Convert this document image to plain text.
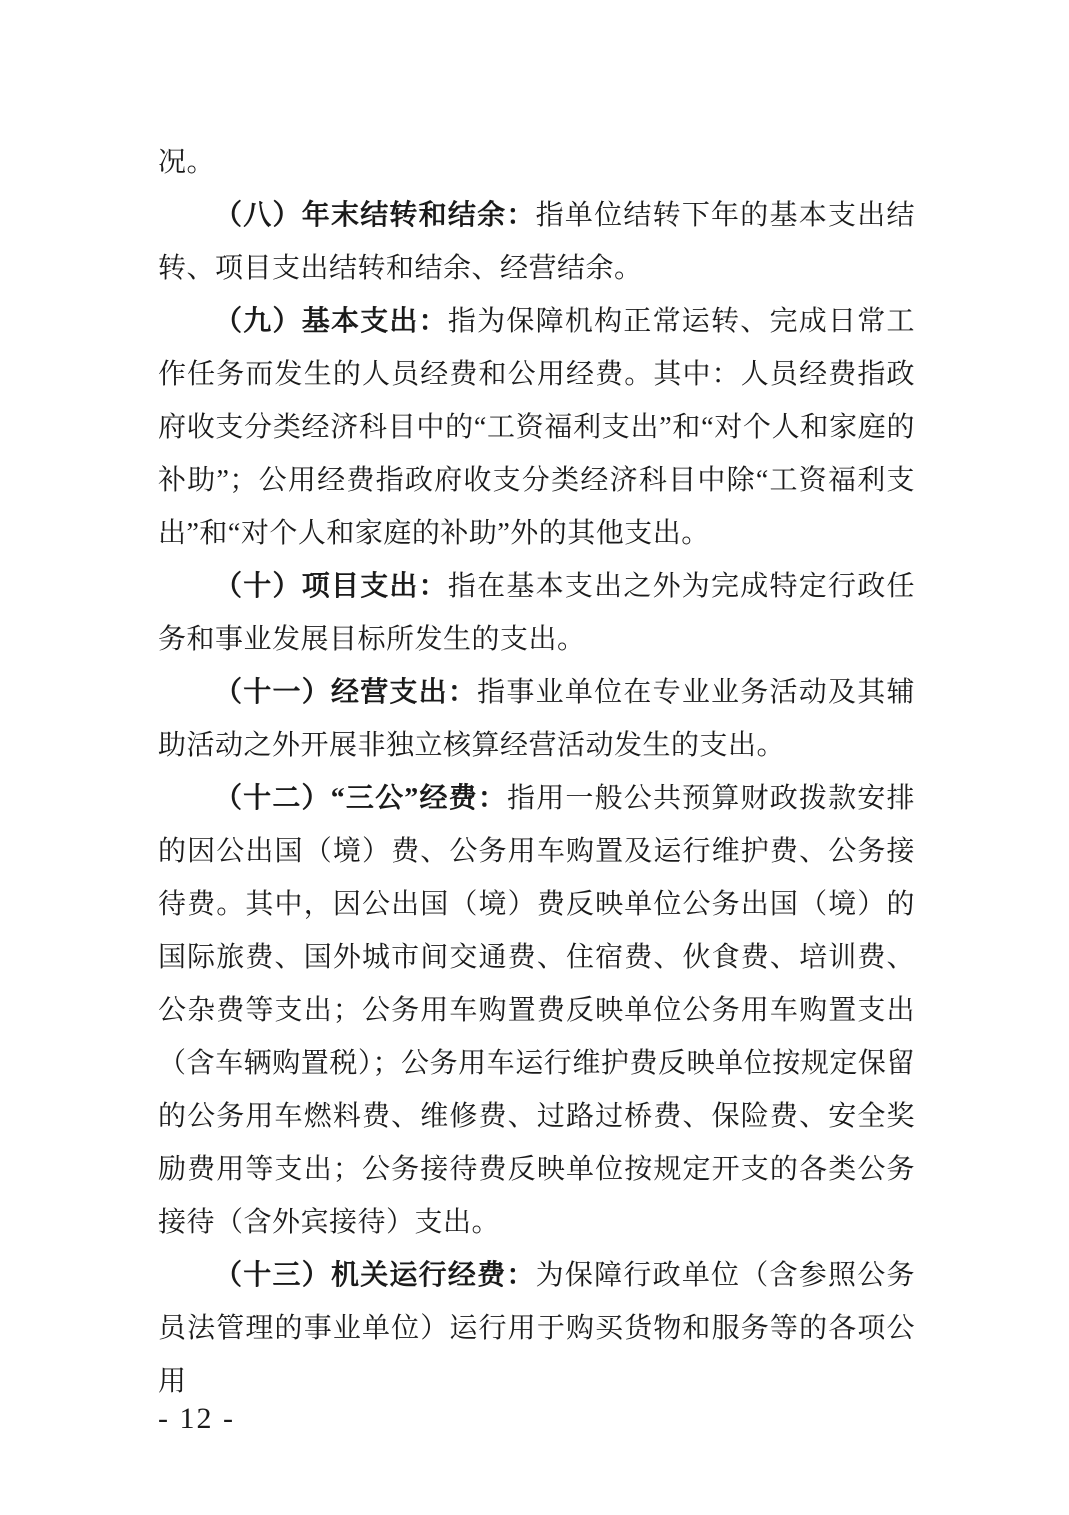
况。

（八）年末结转和结余：指单位结转下年的基本支出结转、项目支出结转和结余、经营结余。

（九）基本支出：指为保障机构正常运转、完成日常工作任务而发生的人员经费和公用经费。其中：人员经费指政府收支分类经济科目中的“工资福利支出”和“对个人和家庭的补助”；公用经费指政府收支分类经济科目中除“工资福利支出”和“对个人和家庭的补助”外的其他支出。

（十）项目支出：指在基本支出之外为完成特定行政任务和事业发展目标所发生的支出。

（十一）经营支出：指事业单位在专业业务活动及其辅助活动之外开展非独立核算经营活动发生的支出。

（十二）“三公”经费：指用一般公共预算财政拨款安排的因公出国（境）费、公务用车购置及运行维护费、公务接待费。其中，因公出国（境）费反映单位公务出国（境）的国际旅费、国外城市间交通费、住宿费、伙食费、培训费、公杂费等支出；公务用车购置费反映单位公务用车购置支出（含车辆购置税）；公务用车运行维护费反映单位按规定保留的公务用车燃料费、维修费、过路过桥费、保险费、安全奖励费用等支出；公务接待费反映单位按规定开支的各类公务接待（含外宾接待）支出。

（十三）机关运行经费：为保障行政单位（含参照公务员法管理的事业单位）运行用于购买货物和服务等的各项公用

- 12 -
